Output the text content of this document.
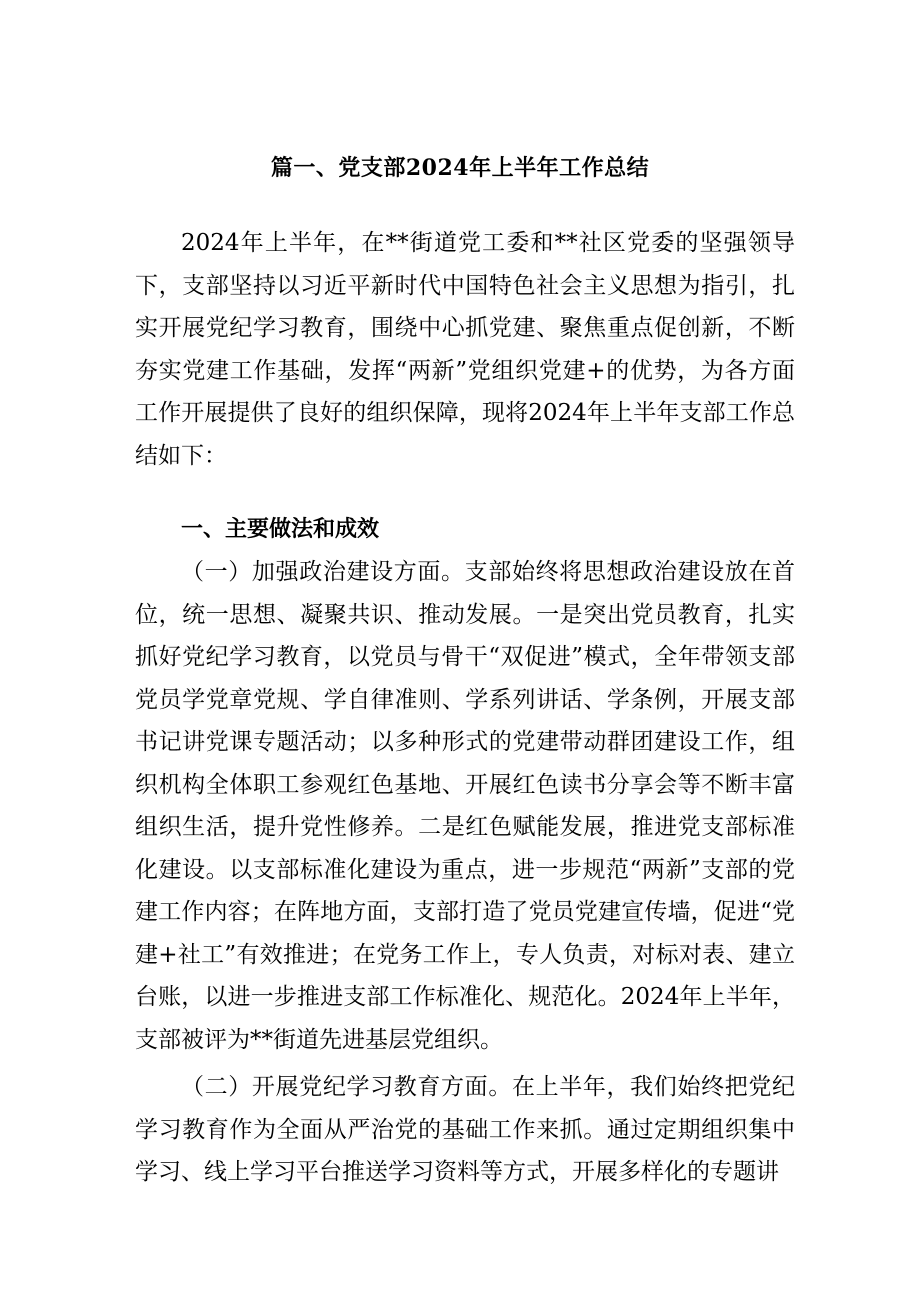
篇一、党支部2024年上半年工作总结

2024年上半年，在**街道党工委和**社区党委的坚强领导下，支部坚持以习近平新时代中国特色社会主义思想为指引，扎实开展党纪学习教育，围绕中心抓党建、聚焦重点促创新，不断夯实党建工作基础，发挥“两新”党组织党建+的优势，为各方面工作开展提供了良好的组织保障，现将2024年上半年支部工作总结如下：

一、主要做法和成效

（一）加强政治建设方面。支部始终将思想政治建设放在首位，统一思想、凝聚共识、推动发展。一是突出党员教育，扎实抓好党纪学习教育，以党员与骨干“双促进”模式，全年带领支部党员学党章党规、学自律准则、学系列讲话、学条例，开展支部书记讲党课专题活动；以多种形式的党建带动群团建设工作，组织机构全体职工参观红色基地、开展红色读书分享会等不断丰富组织生活，提升党性修养。二是红色赋能发展，推进党支部标准化建设。以支部标准化建设为重点，进一步规范“两新”支部的党建工作内容；在阵地方面，支部打造了党员党建宣传墙，促进“党建+社工”有效推进；在党务工作上，专人负责，对标对表、建立台账，以进一步推进支部工作标准化、规范化。2024年上半年，支部被评为**街道先进基层党组织。

（二）开展党纪学习教育方面。在上半年，我们始终把党纪学习教育作为全面从严治党的基础工作来抓。通过定期组织集中学习、线上学习平台推送学习资料等方式，开展多样化的专题讲
